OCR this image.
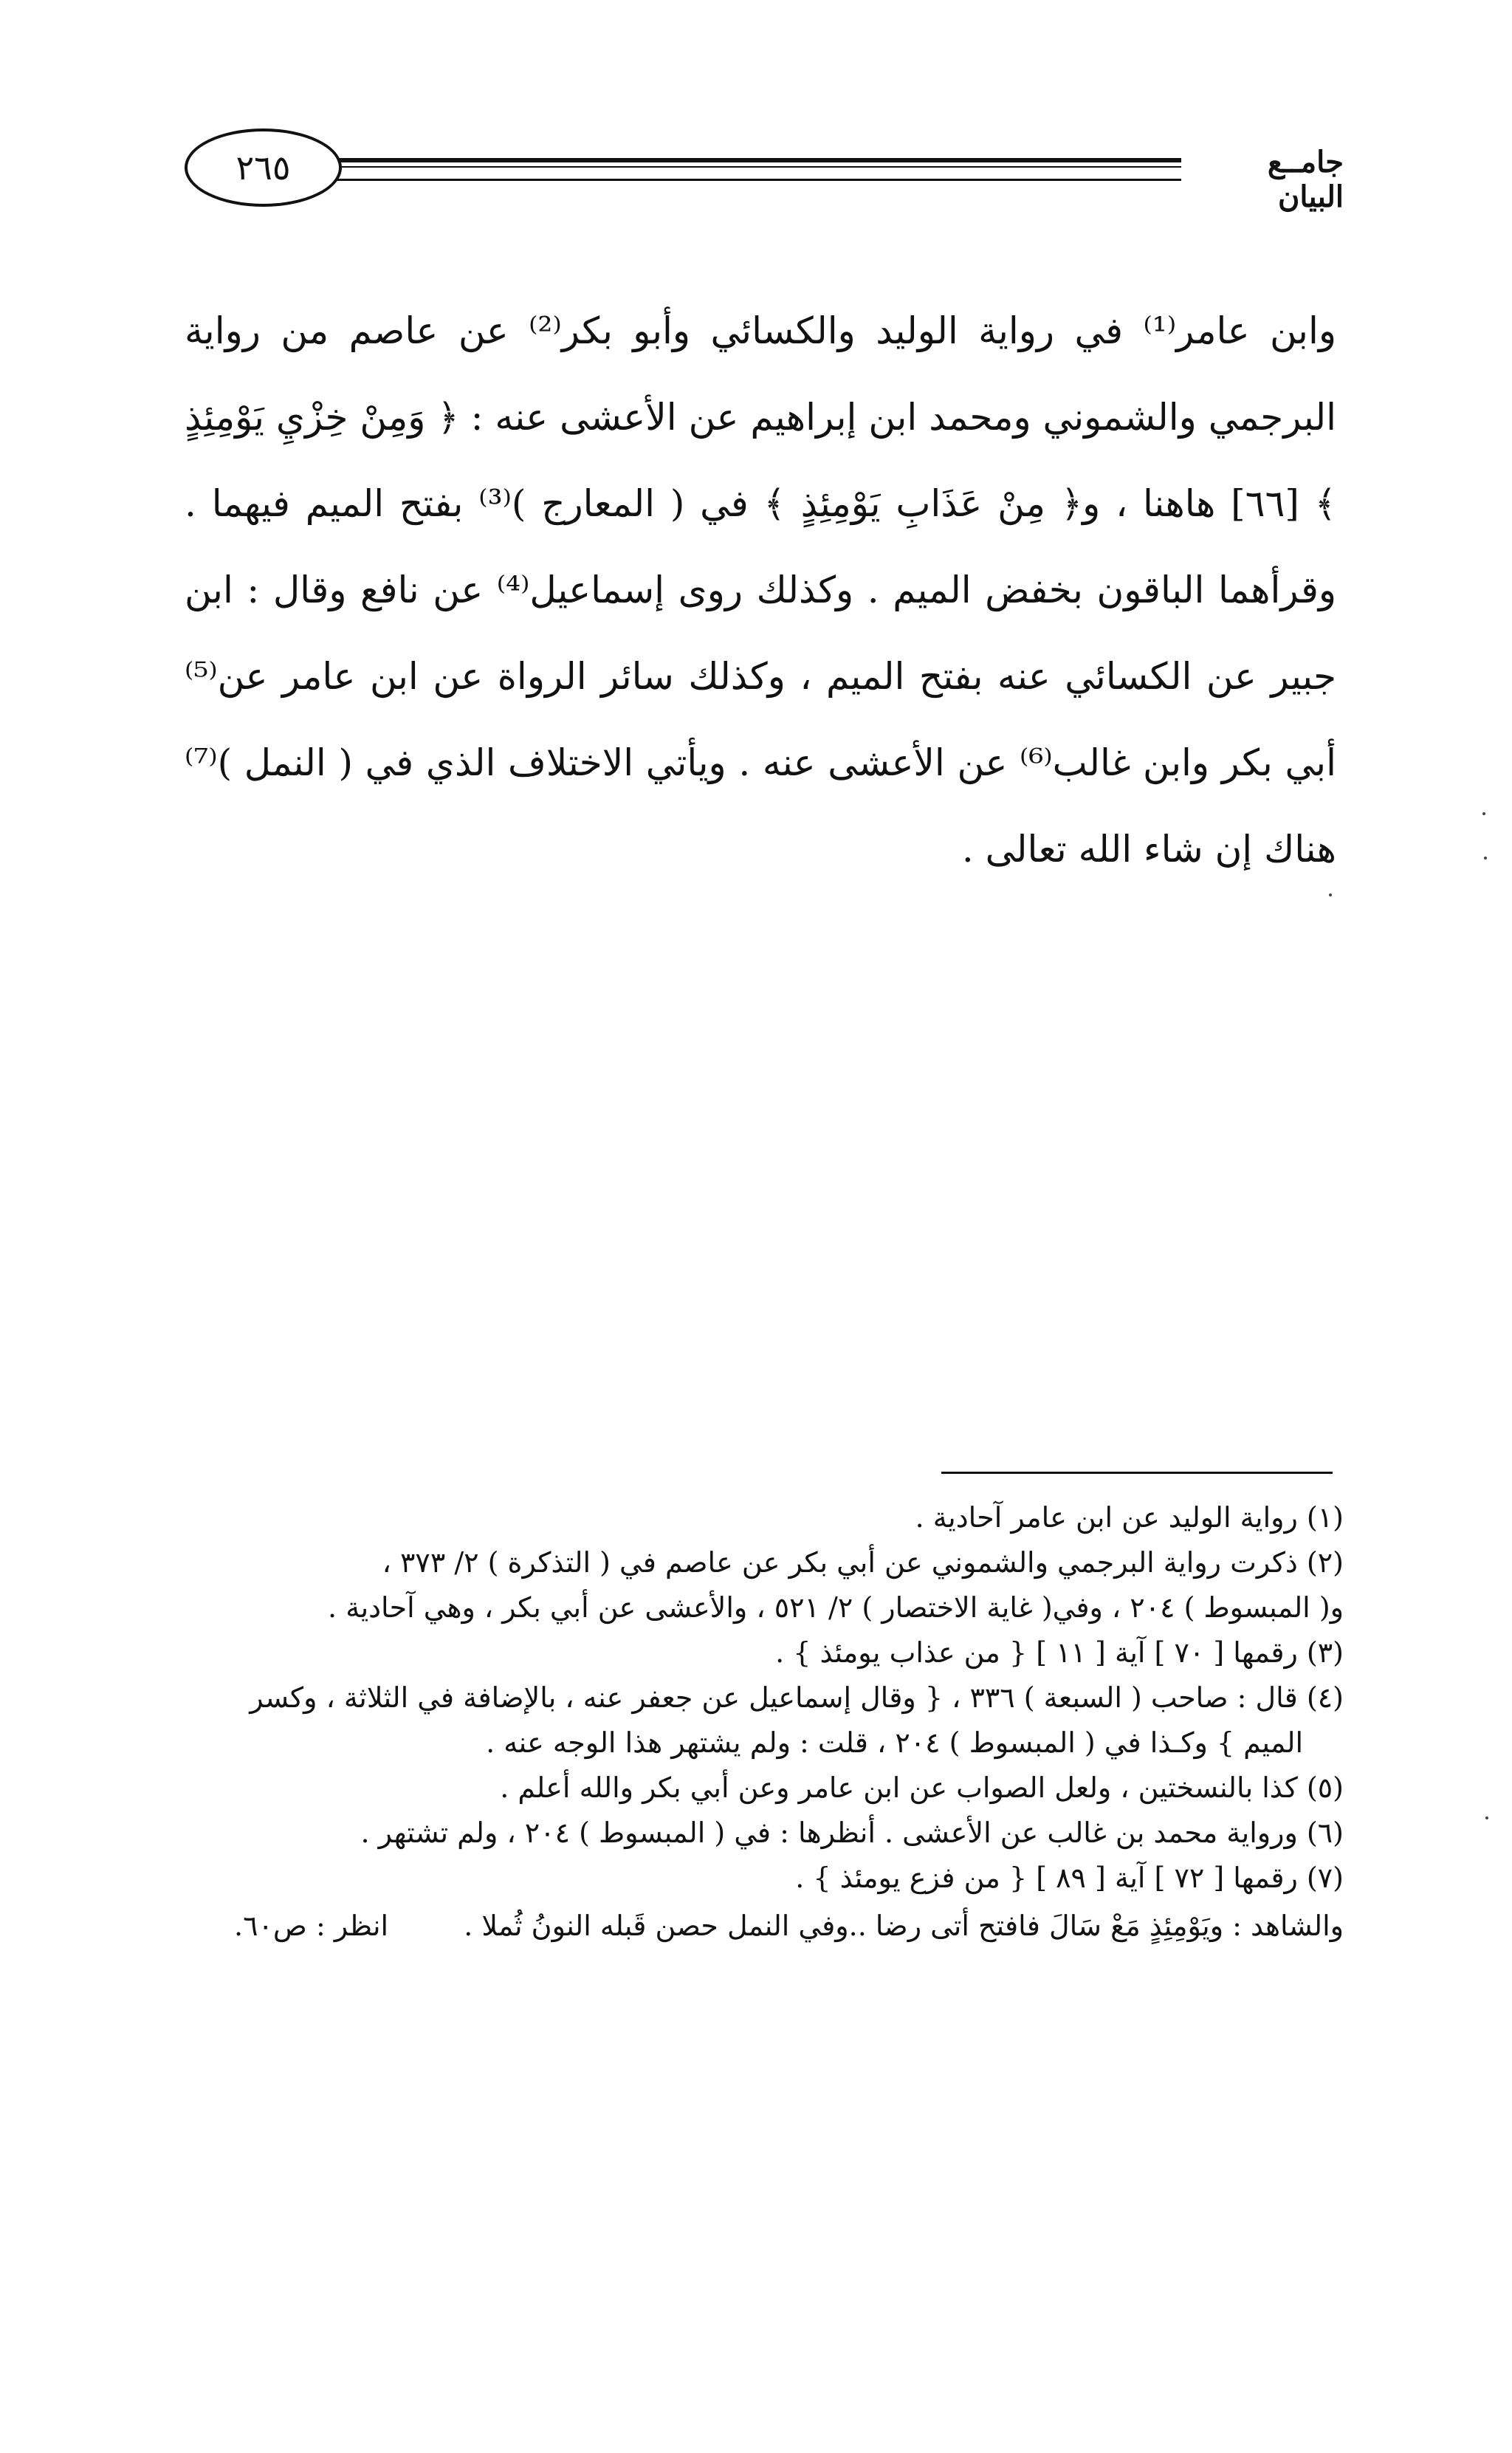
٢٦٥	جامــع البيان

وابن عامر⁽¹⁾ في رواية الوليد والكسائي وأبو بكر⁽²⁾ عن عاصم من رواية البرجمي والشموني ومحمد ابن إبراهيم عن الأعشى عنه : ﴿ وَمِنْ خِزْيِ يَوْمِئِذٍ ﴾ [٦٦] هاهنا ، و﴿ مِنْ عَذَابِ يَوْمِئِذٍ ﴾ في ( المعارج )⁽³⁾ بفتح الميم فيهما . وقرأهما الباقون بخفض الميم . وكذلك روى إسماعيل⁽⁴⁾ عن نافع وقال : ابن جبير عن الكسائي عنه بفتح الميم ، وكذلك سائر الرواة عن ابن عامر عن⁽⁵⁾ أبي بكر وابن غالب⁽⁶⁾ عن الأعشى عنه . ويأتي الاختلاف الذي في ( النمل )⁽⁷⁾ هناك إن شاء الله تعالى .

(١) رواية الوليد عن ابن عامر آحادية .

(٢) ذكرت رواية البرجمي والشموني عن أبي بكر عن عاصم في ( التذكرة ) ٢/ ٣٧٣ ،

و( المبسوط ) ٢٠٤ ، وفي( غاية الاختصار ) ٢/ ٥٢١ ، والأعشى عن أبي بكر ، وهي آحادية .

(٣) رقمها [ ٧٠ ] آية [ ١١ ] { من عذاب يومئذ } .

(٤) قال : صاحب ( السبعة ) ٣٣٦ ، { وقال إسماعيل عن جعفر عنه ، بالإضافة في الثلاثة ، وكسر

الميم } وكـذا في ( المبسوط ) ٢٠٤ ، قلت : ولم يشتهر هذا الوجه عنه .

(٥) كذا بالنسختين ، ولعل الصواب عن ابن عامر وعن أبي بكر والله أعلم .

(٦) ورواية محمد بن غالب عن الأعشى . أنظرها : في ( المبسوط ) ٢٠٤ ، ولم تشتهر .

(٧) رقمها [ ٧٢ ] آية [ ٨٩ ] { من فزع يومئذ } .

والشاهد : ويَوْمِئِذٍ مَعْ سَالَ فافتح أتى رضا ..وفي النمل حصن قَبله النونُ ثُملا . انظر : ص٦٠.
